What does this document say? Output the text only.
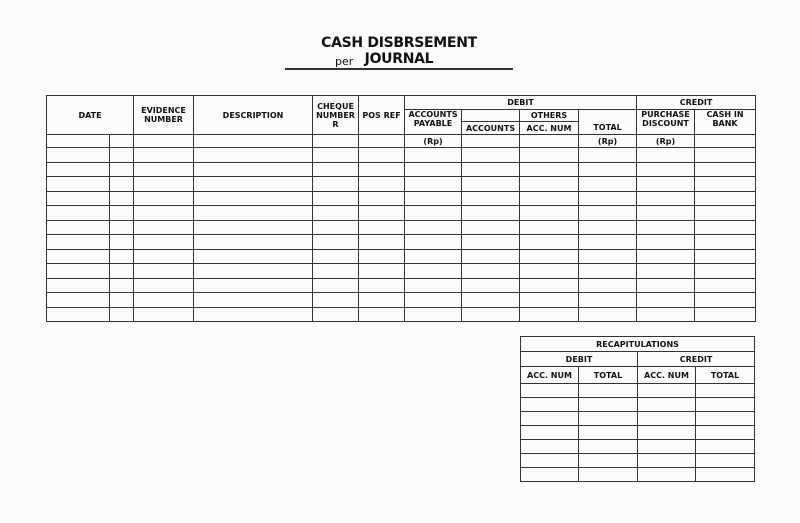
CASH DISBRSEMENT JOURNAL
per
DATE		EVIDENCE NUMBER	DESCRIPTION	CHEQUE NUMBER R	POS REF	DEBIT				CREDIT	
						ACCOUNTS PAYABLE		OTHERS		PURCHASE DISCOUNT	CASH IN BANK
							ACCOUNTS	ACC. NUM	TOTAL		
						(Rp)			(Rp)	(Rp)	

RECAPITULATIONS			
DEBIT		CREDIT	
ACC. NUM	TOTAL	ACC. NUM	TOTAL
